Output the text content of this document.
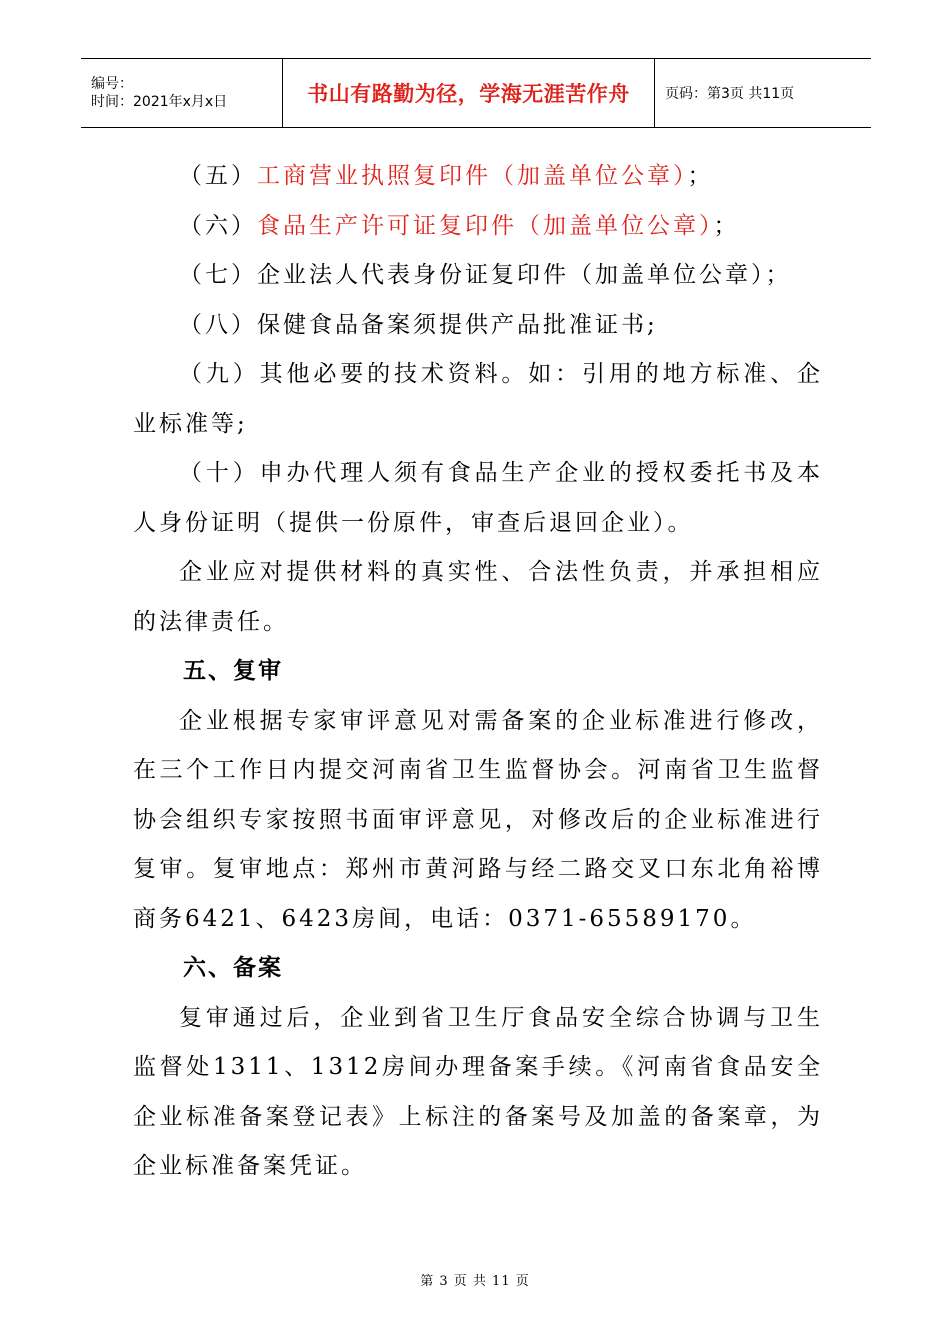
编号：
时间：2021年x月x日	书山有路勤为径，学海无涯苦作舟	页码：第3页 共11页

（五）工商营业执照复印件（加盖单位公章）；

（六）食品生产许可证复印件（加盖单位公章）；

（七）企业法人代表身份证复印件（加盖单位公章）；

（八）保健食品备案须提供产品批准证书;

（九）其他必要的技术资料。如：引用的地方标准、企业标准等;

（十）申办代理人须有食品生产企业的授权委托书及本人身份证明（提供一份原件，审查后退回企业）。

企业应对提供材料的真实性、合法性负责，并承担相应的法律责任。

五、复审

企业根据专家审评意见对需备案的企业标准进行修改，在三个工作日内提交河南省卫生监督协会。河南省卫生监督协会组织专家按照书面审评意见，对修改后的企业标准进行复审。复审地点：郑州市黄河路与经二路交叉口东北角裕博商务6421、6423房间，电话：0371-65589170。

六、备案

复审通过后，企业到省卫生厅食品安全综合协调与卫生监督处1311、1312房间办理备案手续。《河南省食品安全企业标准备案登记表》上标注的备案号及加盖的备案章，为企业标准备案凭证。

第 3 页 共 11 页
